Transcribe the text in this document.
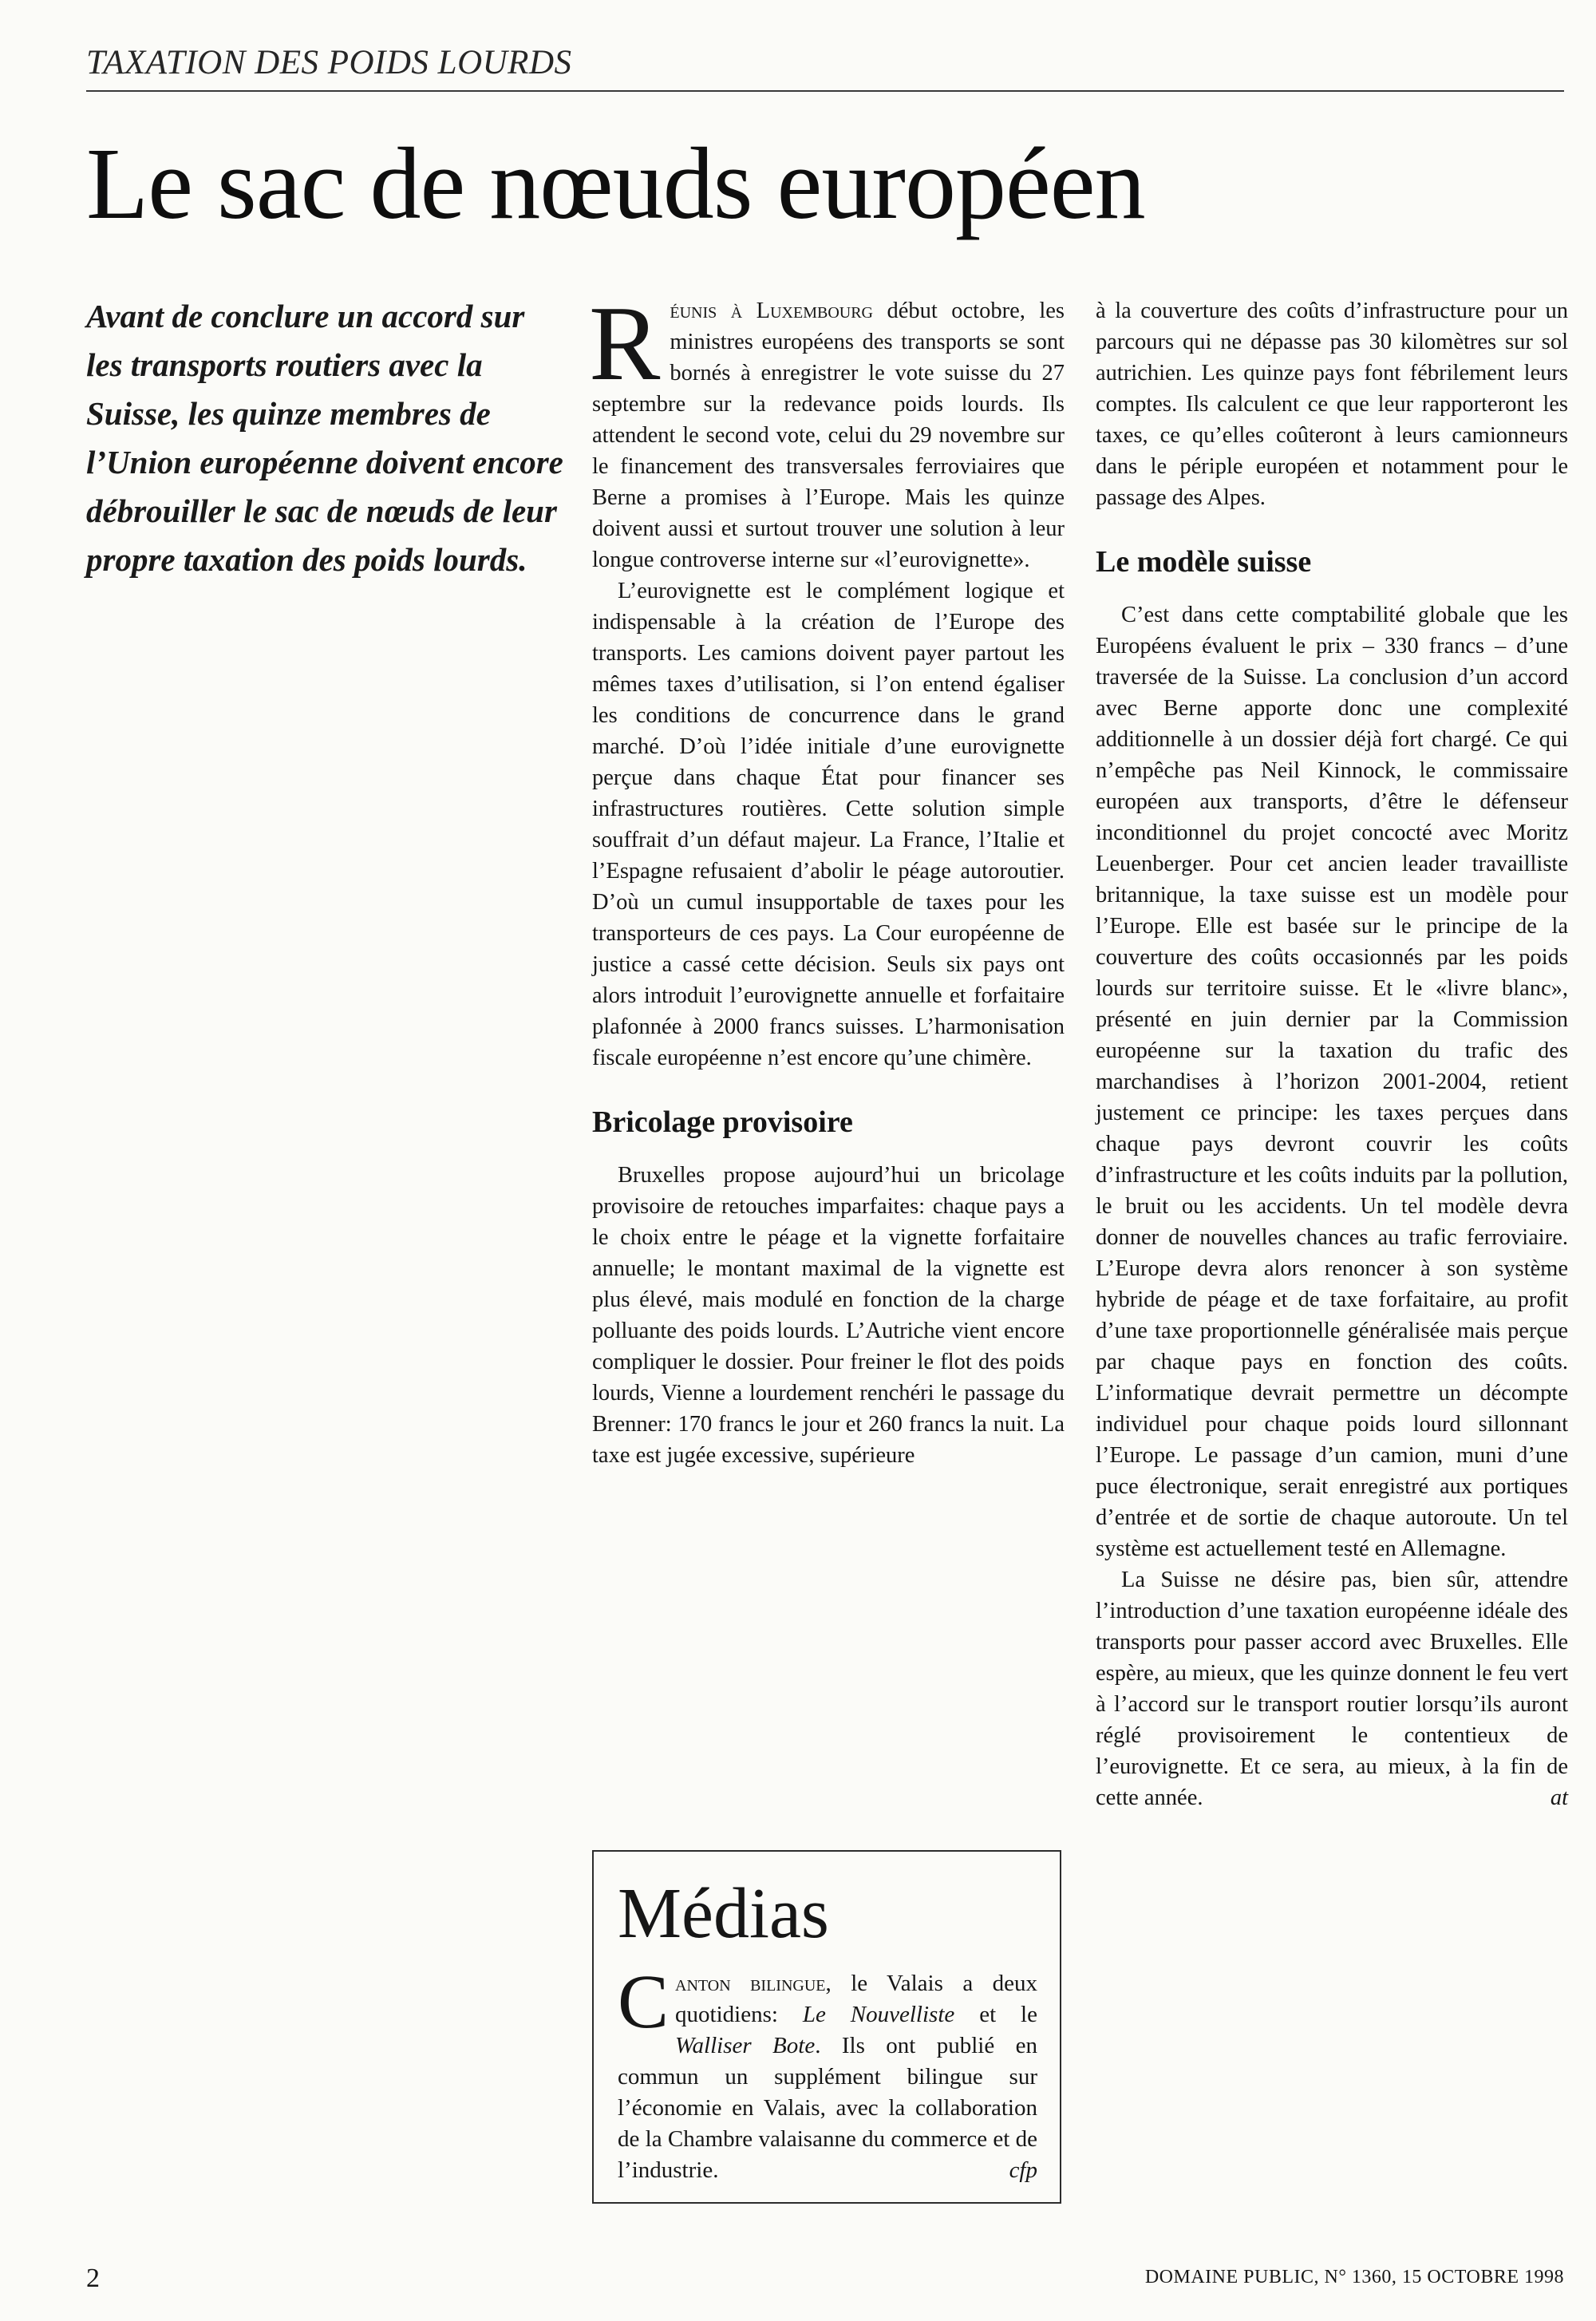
TAXATION DES POIDS LOURDS
Le sac de nœuds européen

Avant de conclure un accord sur les transports routiers avec la Suisse, les quinze membres de l’Union européenne doivent encore débrouiller le sac de nœuds de leur propre taxation des poids lourds.

Réunis à Luxembourg début octobre, les ministres européens des transports se sont bornés à enregistrer le vote suisse du 27 septembre sur la redevance poids lourds. Ils attendent le second vote, celui du 29 novembre sur le financement des transversales ferroviaires que Berne a promises à l’Europe. Mais les quinze doivent aussi et surtout trouver une solution à leur longue controverse interne sur «l’eurovignette».

L’eurovignette est le complément logique et indispensable à la création de l’Europe des transports. Les camions doivent payer partout les mêmes taxes d’utilisation, si l’on entend égaliser les conditions de concurrence dans le grand marché. D’où l’idée initiale d’une eurovignette perçue dans chaque État pour financer ses infrastructures routières. Cette solution simple souffrait d’un défaut majeur. La France, l’Italie et l’Espagne refusaient d’abolir le péage autoroutier. D’où un cumul insupportable de taxes pour les transporteurs de ces pays. La Cour européenne de justice a cassé cette décision. Seuls six pays ont alors introduit l’eurovignette annuelle et forfaitaire plafonnée à 2000 francs suisses. L’harmonisation fiscale européenne n’est encore qu’une chimère.

Bricolage provisoire

Bruxelles propose aujourd’hui un bricolage provisoire de retouches imparfaites: chaque pays a le choix entre le péage et la vignette forfaitaire annuelle; le montant maximal de la vignette est plus élevé, mais modulé en fonction de la charge polluante des poids lourds. L’Autriche vient encore compliquer le dossier. Pour freiner le flot des poids lourds, Vienne a lourdement renchéri le passage du Brenner: 170 francs le jour et 260 francs la nuit. La taxe est jugée excessive, supérieure

à la couverture des coûts d’infrastructure pour un parcours qui ne dépasse pas 30 kilomètres sur sol autrichien. Les quinze pays font fébrilement leurs comptes. Ils calculent ce que leur rapporteront les taxes, ce qu’elles coûteront à leurs camionneurs dans le périple européen et notamment pour le passage des Alpes.

Le modèle suisse

C’est dans cette comptabilité globale que les Européens évaluent le prix – 330 francs – d’une traversée de la Suisse. La conclusion d’un accord avec Berne apporte donc une complexité additionnelle à un dossier déjà fort chargé. Ce qui n’empêche pas Neil Kinnock, le commissaire européen aux transports, d’être le défenseur inconditionnel du projet concocté avec Moritz Leuenberger. Pour cet ancien leader travailliste britannique, la taxe suisse est un modèle pour l’Europe. Elle est basée sur le principe de la couverture des coûts occasionnés par les poids lourds sur territoire suisse. Et le «livre blanc», présenté en juin dernier par la Commission européenne sur la taxation du trafic des marchandises à l’horizon 2001-2004, retient justement ce principe: les taxes perçues dans chaque pays devront couvrir les coûts d’infrastructure et les coûts induits par la pollution, le bruit ou les accidents. Un tel modèle devra donner de nouvelles chances au trafic ferroviaire. L’Europe devra alors renoncer à son système hybride de péage et de taxe forfaitaire, au profit d’une taxe proportionnelle généralisée mais perçue par chaque pays en fonction des coûts. L’informatique devrait permettre un décompte individuel pour chaque poids lourd sillonnant l’Europe. Le passage d’un camion, muni d’une puce électronique, serait enregistré aux portiques d’entrée et de sortie de chaque autoroute. Un tel système est actuellement testé en Allemagne.

La Suisse ne désire pas, bien sûr, attendre l’introduction d’une taxation européenne idéale des transports pour passer accord avec Bruxelles. Elle espère, au mieux, que les quinze donnent le feu vert à l’accord sur le transport routier lorsqu’ils auront réglé provisoirement le contentieux de l’eurovignette. Et ce sera, au mieux, à la fin de cette année.	at

Médias

Canton bilingue, le Valais a deux quotidiens: Le Nouvelliste et le Walliser Bote. Ils ont publié en commun un supplément bilingue sur l’économie en Valais, avec la collaboration de la Chambre valaisanne du commerce et de l’industrie.	cfp

2	DOMAINE PUBLIC, N° 1360, 15 OCTOBRE 1998
